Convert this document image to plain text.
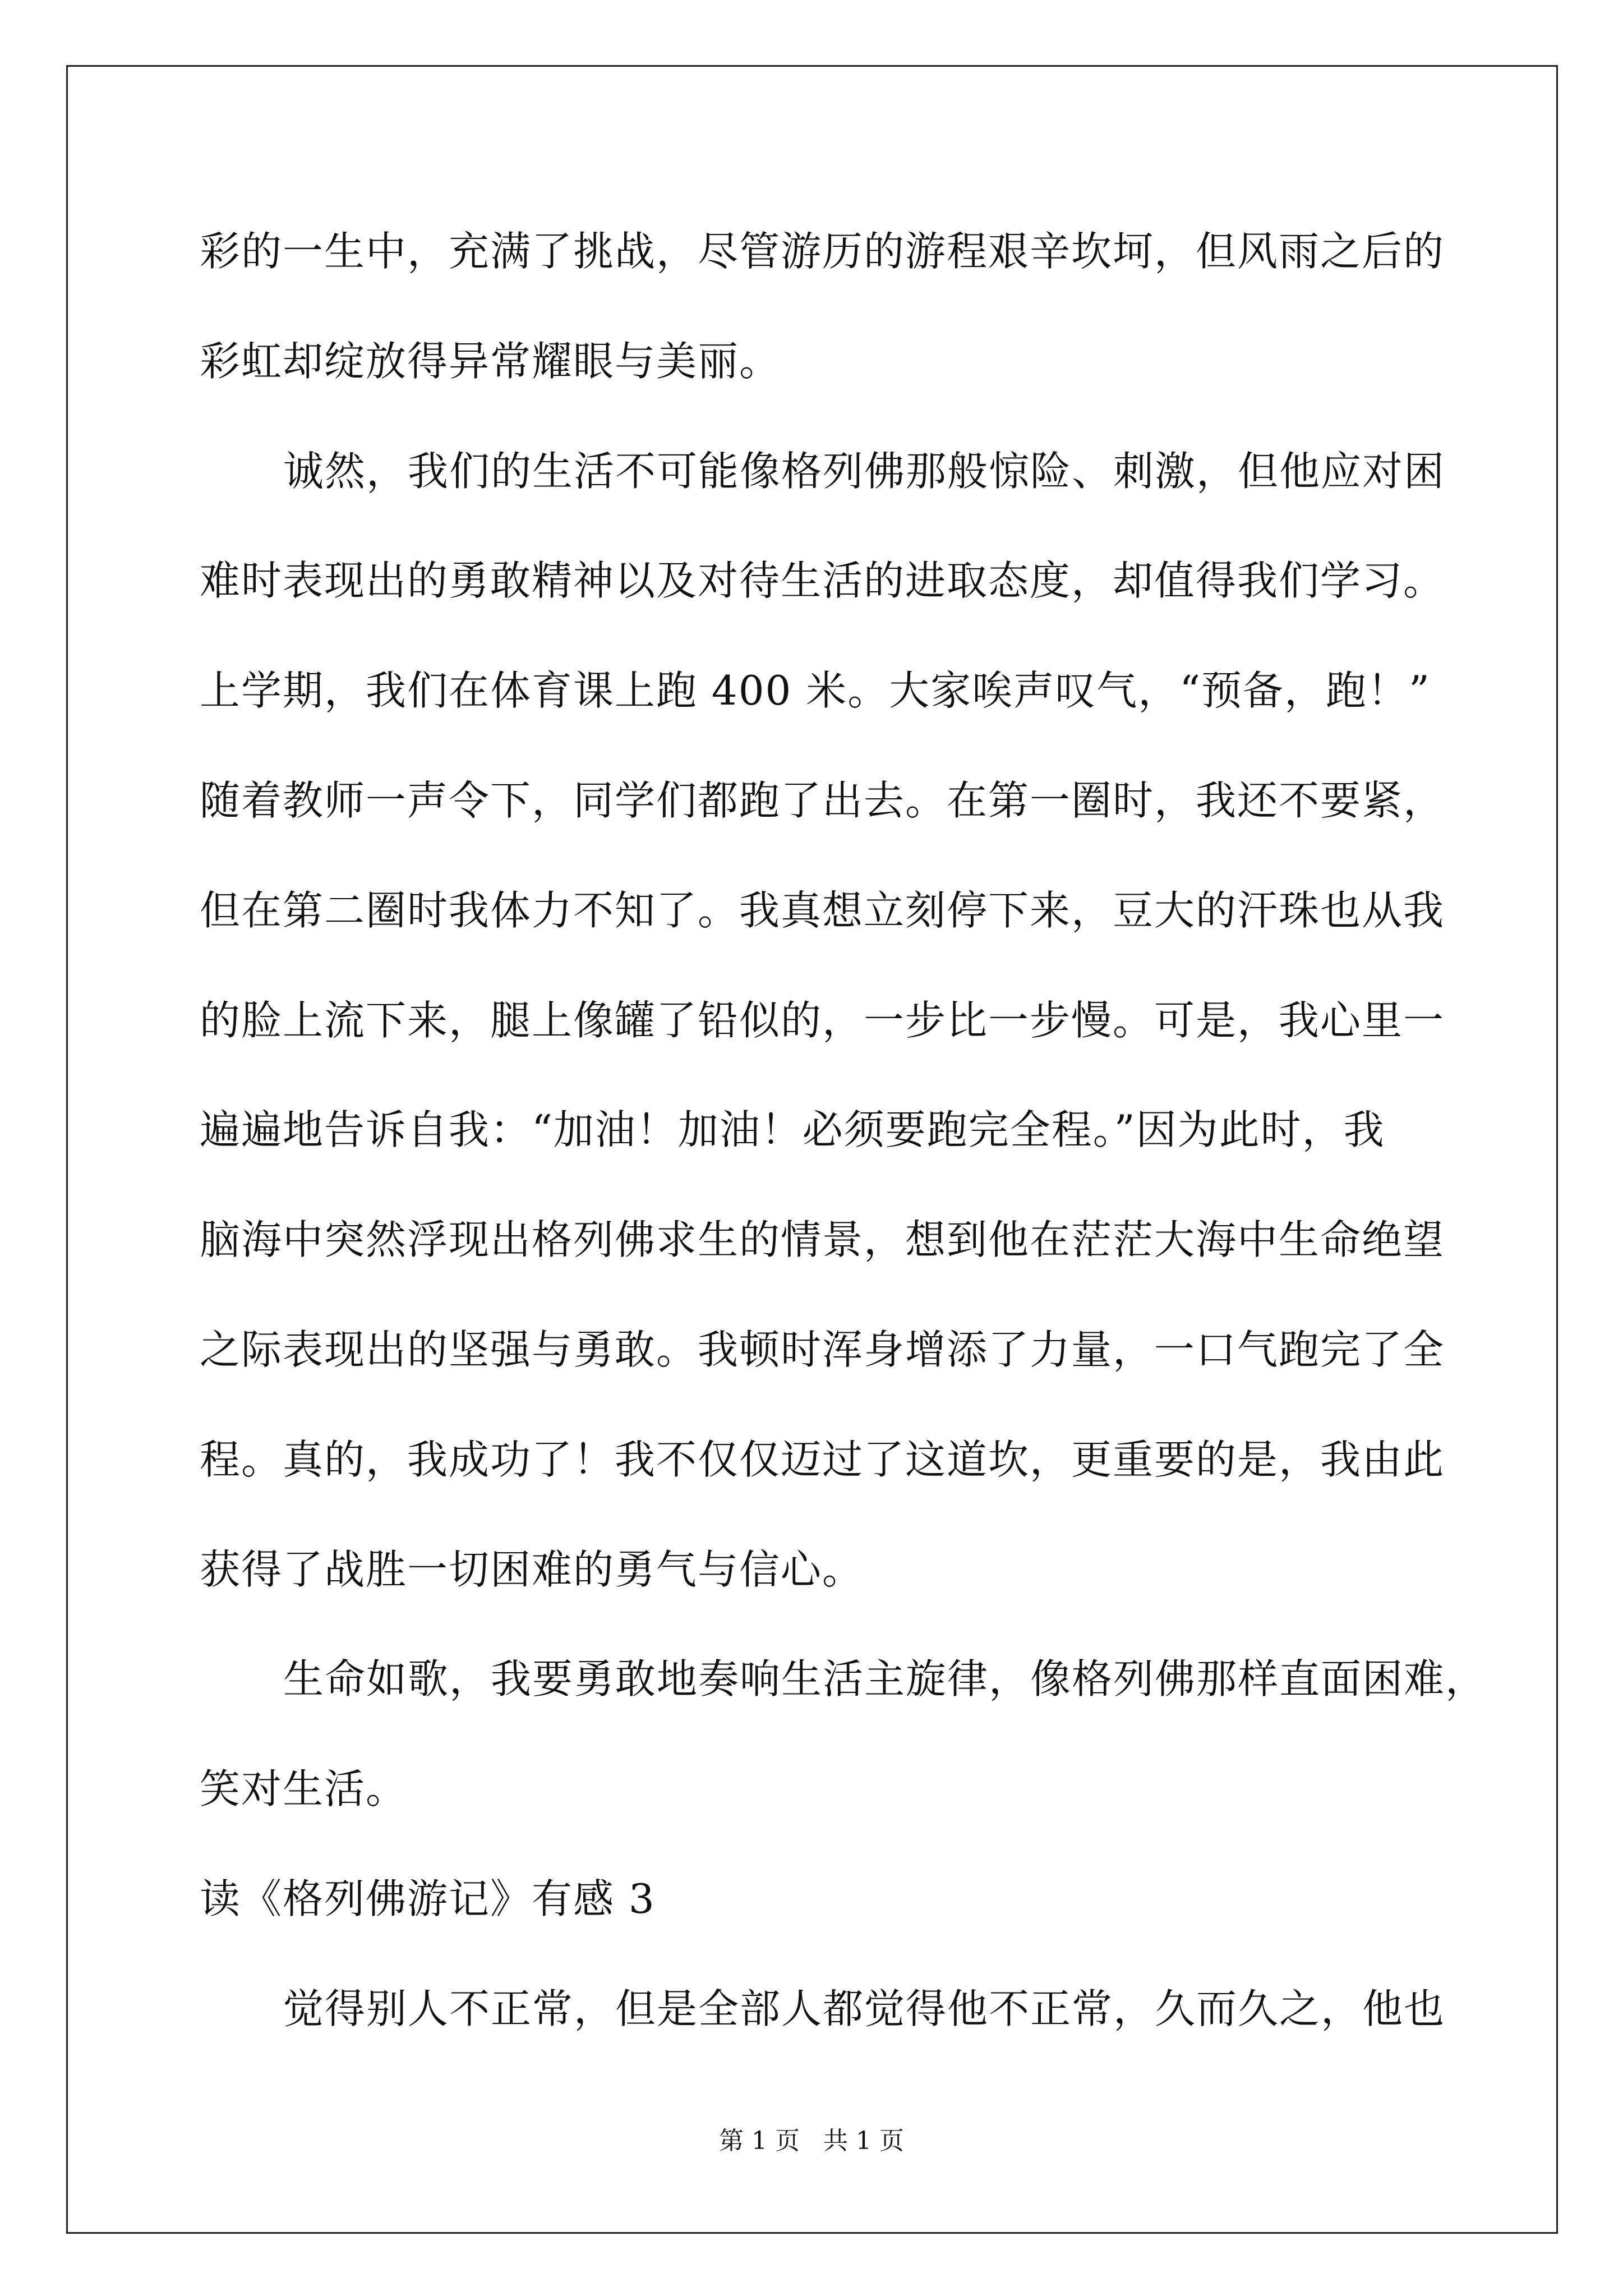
彩的一生中，充满了挑战，尽管游历的游程艰辛坎坷，但风雨之后的
彩虹却绽放得异常耀眼与美丽。
诚然，我们的生活不可能像格列佛那般惊险、刺激，但他应对困
难时表现出的勇敢精神以及对待生活的进取态度，却值得我们学习。
上学期，我们在体育课上跑 400 米。大家唉声叹气，“预备，跑！”
随着教师一声令下，同学们都跑了出去。在第一圈时，我还不要紧，
但在第二圈时我体力不知了。我真想立刻停下来，豆大的汗珠也从我
的脸上流下来，腿上像罐了铅似的，一步比一步慢。可是，我心里一
遍遍地告诉自我：“加油！加油！必须要跑完全程。”因为此时，我
脑海中突然浮现出格列佛求生的情景，想到他在茫茫大海中生命绝望
之际表现出的坚强与勇敢。我顿时浑身增添了力量，一口气跑完了全
程。真的，我成功了！我不仅仅迈过了这道坎，更重要的是，我由此
获得了战胜一切困难的勇气与信心。
生命如歌，我要勇敢地奏响生活主旋律，像格列佛那样直面困难，
笑对生活。
读《格列佛游记》有感 3
觉得别人不正常，但是全部人都觉得他不正常，久而久之，他也
第 1 页   共 1 页
